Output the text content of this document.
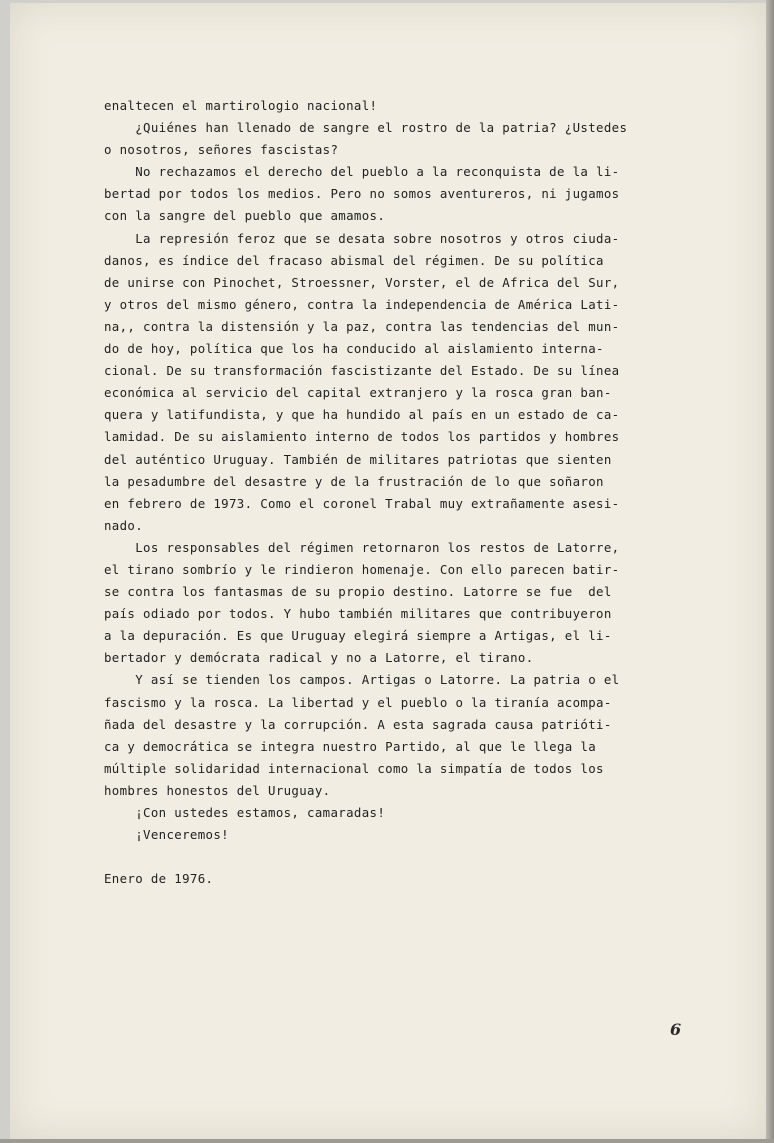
enaltecen el martirologio nacional!
¿Quiénes han llenado de sangre el rostro de la patria? ¿Ustedes
o nosotros, señores fascistas?
No rechazamos el derecho del pueblo a la reconquista de la li-
bertad por todos los medios. Pero no somos aventureros, ni jugamos
con la sangre del pueblo que amamos.
La represión feroz que se desata sobre nosotros y otros ciuda-
danos, es índice del fracaso abismal del régimen. De su política
de unirse con Pinochet, Stroessner, Vorster, el de Africa del Sur,
y otros del mismo género, contra la independencia de América Lati-
na,, contra la distensión y la paz, contra las tendencias del mun-
do de hoy, política que los ha conducido al aislamiento interna-
cional. De su transformación fascistizante del Estado. De su línea
económica al servicio del capital extranjero y la rosca gran ban-
quera y latifundista, y que ha hundido al país en un estado de ca-
lamidad. De su aislamiento interno de todos los partidos y hombres
del auténtico Uruguay. También de militares patriotas que sienten
la pesadumbre del desastre y de la frustración de lo que soñaron
en febrero de 1973. Como el coronel Trabal muy extrañamente asesi-
nado.
Los responsables del régimen retornaron los restos de Latorre,
el tirano sombrío y le rindieron homenaje. Con ello parecen batir-
se contra los fantasmas de su propio destino. Latorre se fue  del
país odiado por todos. Y hubo también militares que contribuyeron
a la depuración. Es que Uruguay elegirá siempre a Artigas, el li-
bertador y demócrata radical y no a Latorre, el tirano.
Y así se tienden los campos. Artigas o Latorre. La patria o el
fascismo y la rosca. La libertad y el pueblo o la tiranía acompa-
ñada del desastre y la corrupción. A esta sagrada causa patrióti-
ca y democrática se integra nuestro Partido, al que le llega la
múltiple solidaridad internacional como la simpatía de todos los
hombres honestos del Uruguay.
¡Con ustedes estamos, camaradas!
¡Venceremos!
Enero de 1976.
6
